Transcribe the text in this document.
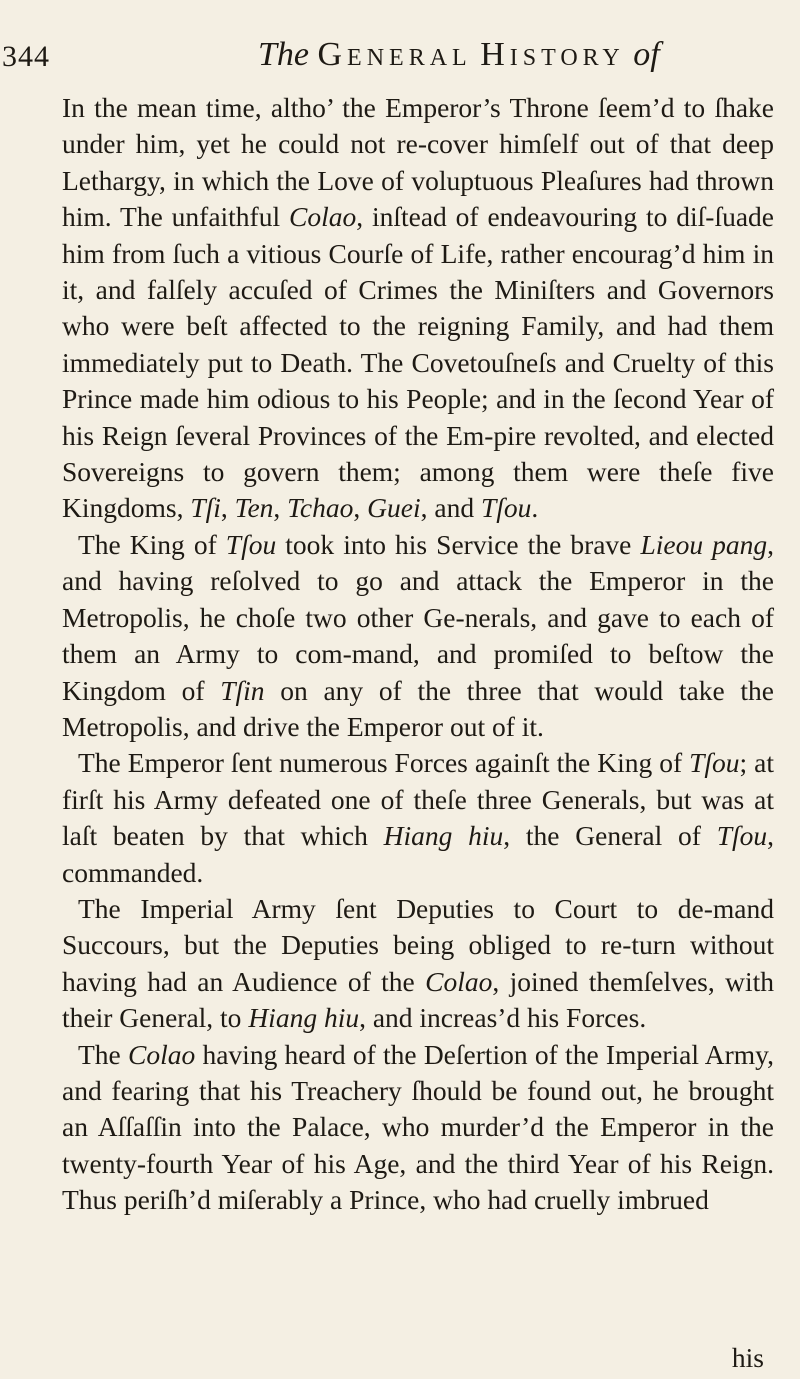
344	The General History of

In the mean time, altho’ the Emperor’s Throne ſeem’d to ſhake under him, yet he could not re-cover himſelf out of that deep Lethargy, in which the Love of voluptuous Pleaſures had thrown him. The unfaithful Colao, inſtead of endeavouring to diſ-ſuade him from ſuch a vitious Courſe of Life, rather encourag’d him in it, and falſely accuſed of Crimes the Miniſters and Governors who were beſt affected to the reigning Family, and had them immediately put to Death. The Covetouſneſs and Cruelty of this Prince made him odious to his People; and in the ſecond Year of his Reign ſeveral Provinces of the Em-pire revolted, and elected Sovereigns to govern them; among them were theſe five Kingdoms, Tſi, Ten, Tchao, Guei, and Tſou.

The King of Tſou took into his Service the brave Lieou pang, and having reſolved to go and attack the Emperor in the Metropolis, he choſe two other Ge-nerals, and gave to each of them an Army to com-mand, and promiſed to beſtow the Kingdom of Tſin on any of the three that would take the Metropolis, and drive the Emperor out of it.

The Emperor ſent numerous Forces againſt the King of Tſou; at firſt his Army defeated one of theſe three Generals, but was at laſt beaten by that which Hiang hiu, the General of Tſou, commanded.

The Imperial Army ſent Deputies to Court to de-mand Succours, but the Deputies being obliged to re-turn without having had an Audience of the Colao, joined themſelves, with their General, to Hiang hiu, and increas’d his Forces.

The Colao having heard of the Deſertion of the Imperial Army, and fearing that his Treachery ſhould be found out, he brought an Aſſaſſin into the Palace, who murder’d the Emperor in the twenty-fourth Year of his Age, and the third Year of his Reign. Thus periſh’d miſerably a Prince, who had cruelly imbrued

his
